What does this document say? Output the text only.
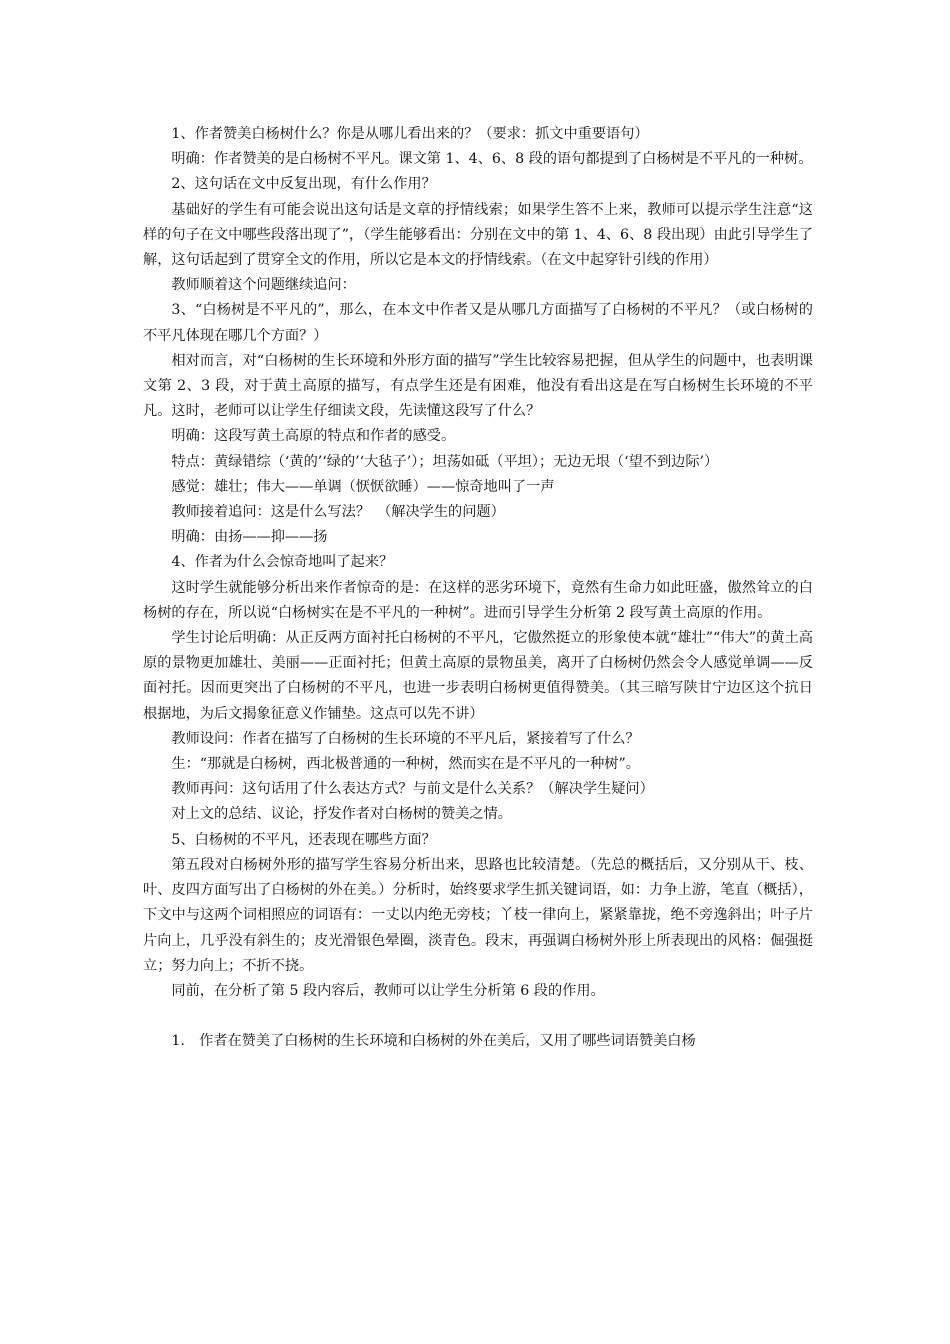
1、作者赞美白杨树什么？你是从哪儿看出来的？（要求：抓文中重要语句）

明确：作者赞美的是白杨树不平凡。课文第 1、4、6、8 段的语句都提到了白杨树是不平凡的一种树。

2、这句话在文中反复出现，有什么作用？

基础好的学生有可能会说出这句话是文章的抒情线索；如果学生答不上来，教师可以提示学生注意“这样的句子在文中哪些段落出现了”，（学生能够看出：分别在文中的第 1、4、6、8 段出现）由此引导学生了解，这句话起到了贯穿全文的作用，所以它是本文的抒情线索。（在文中起穿针引线的作用）

教师顺着这个问题继续追问：

3、“白杨树是不平凡的”，那么，在本文中作者又是从哪几方面描写了白杨树的不平凡？（或白杨树的不平凡体现在哪几个方面？）

相对而言，对“白杨树的生长环境和外形方面的描写”学生比较容易把握，但从学生的问题中，也表明课文第 2、3 段，对于黄土高原的描写，有点学生还是有困难，他没有看出这是在写白杨树生长环境的不平凡。这时，老师可以让学生仔细读文段，先读懂这段写了什么？

明确：这段写黄土高原的特点和作者的感受。

特点：黄绿错综（‘黄的’‘绿的’‘大毡子’）；坦荡如砥（平坦）；无边无垠（‘望不到边际’）

感觉：雄壮；伟大——单调（恹恹欲睡）——惊奇地叫了一声

教师接着追问：这是什么写法？　（解决学生的问题）

明确：由扬——抑——扬

4、作者为什么会惊奇地叫了起来？

这时学生就能够分析出来作者惊奇的是：在这样的恶劣环境下，竟然有生命力如此旺盛，傲然耸立的白杨树的存在，所以说“白杨树实在是不平凡的一种树”。进而引导学生分析第 2 段写黄土高原的作用。

学生讨论后明确：从正反两方面衬托白杨树的不平凡，它傲然挺立的形象使本就“雄壮”“伟大”的黄土高原的景物更加雄壮、美丽——正面衬托；但黄土高原的景物虽美，离开了白杨树仍然会令人感觉单调——反面衬托。因而更突出了白杨树的不平凡，也进一步表明白杨树更值得赞美。（其三暗写陕甘宁边区这个抗日根据地，为后文揭象征意义作铺垫。这点可以先不讲）

教师设问：作者在描写了白杨树的生长环境的不平凡后，紧接着写了什么？

生：“那就是白杨树，西北极普通的一种树，然而实在是不平凡的一种树”。

教师再问：这句话用了什么表达方式？与前文是什么关系？（解决学生疑问）

对上文的总结、议论，抒发作者对白杨树的赞美之情。

5、白杨树的不平凡，还表现在哪些方面？

第五段对白杨树外形的描写学生容易分析出来，思路也比较清楚。（先总的概括后，又分别从干、枝、叶、皮四方面写出了白杨树的外在美。）分析时，始终要求学生抓关键词语，如：力争上游，笔直（概括），下文中与这两个词相照应的词语有：一丈以内绝无旁枝；丫枝一律向上，紧紧靠拢，绝不旁逸斜出；叶子片片向上，几乎没有斜生的；皮光滑银色晕圈，淡青色。段末，再强调白杨树外形上所表现出的风格：倔强挺立；努力向上；不折不挠。

同前，在分析了第 5 段内容后，教师可以让学生分析第 6 段的作用。

1.　作者在赞美了白杨树的生长环境和白杨树的外在美后，又用了哪些词语赞美白杨
